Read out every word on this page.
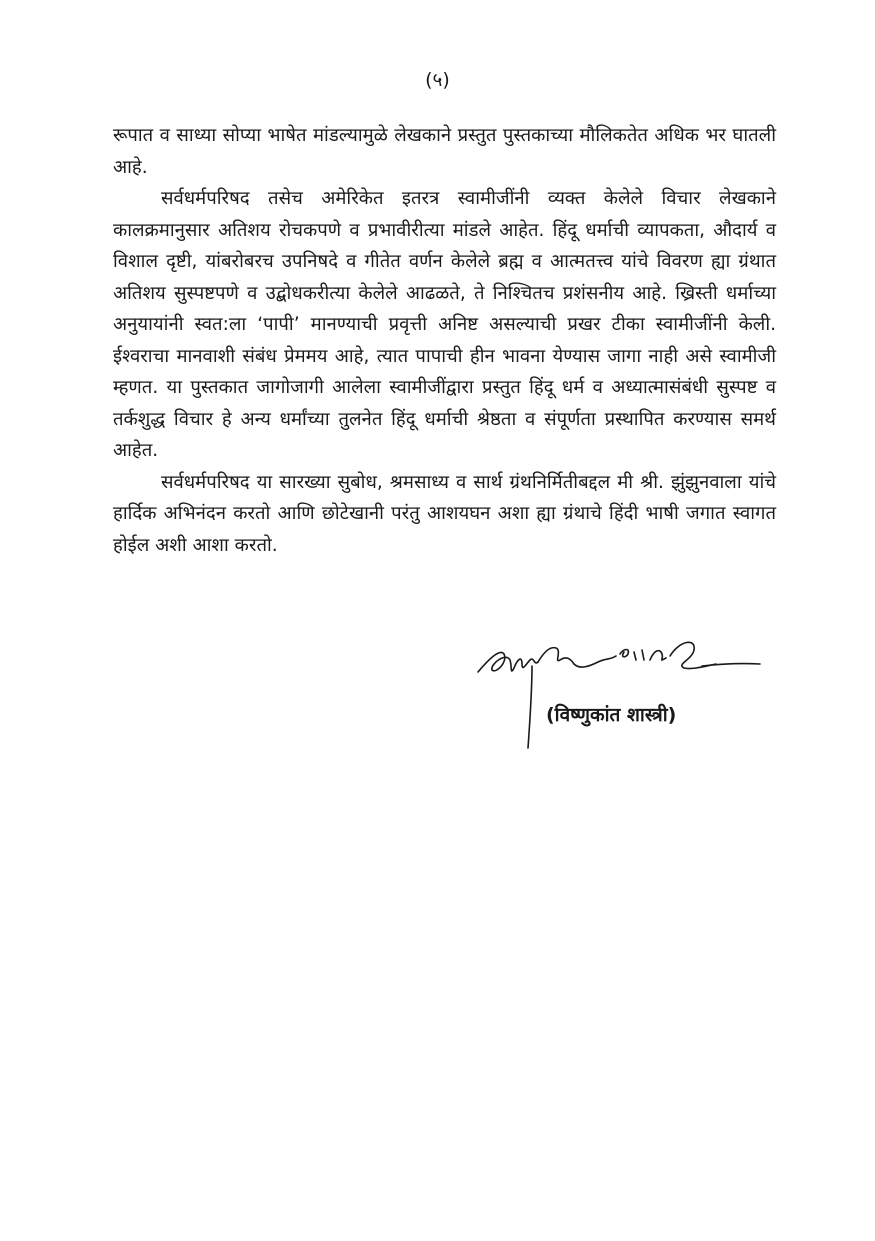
(५)

रूपात व साध्या सोप्या भाषेत मांडल्यामुळे लेखकाने प्रस्तुत पुस्तकाच्या मौलिकतेत अधिक भर घातली आहे.

सर्वधर्मपरिषद तसेच अमेरिकेत इतरत्र स्वामीजींनी व्यक्त केलेले विचार लेखकाने कालक्रमानुसार अतिशय रोचकपणे व प्रभावीरीत्या मांडले आहेत. हिंदू धर्माची व्यापकता, औदार्य व विशाल दृष्टी, यांबरोबरच उपनिषदे व गीतेत वर्णन केलेले ब्रह्म व आत्मतत्त्व यांचे विवरण ह्या ग्रंथात अतिशय सुस्पष्टपणे व उद्बोधकरीत्या केलेले आढळते, ते निश्चितच प्रशंसनीय आहे. ख्रिस्ती धर्माच्या अनुयायांनी स्वत:ला ‘पापी’ मानण्याची प्रवृत्ती अनिष्ट असल्याची प्रखर टीका स्वामीजींनी केली. ईश्वराचा मानवाशी संबंध प्रेममय आहे, त्यात पापाची हीन भावना येण्यास जागा नाही असे स्वामीजी म्हणत. या पुस्तकात जागोजागी आलेला स्वामीजींद्वारा प्रस्तुत हिंदू धर्म व अध्यात्मासंबंधी सुस्पष्ट व तर्कशुद्ध विचार हे अन्य धर्मांच्या तुलनेत हिंदू धर्माची श्रेष्ठता व संपूर्णता प्रस्थापित करण्यास समर्थ आहेत.

सर्वधर्मपरिषद या सारख्या सुबोध, श्रमसाध्य व सार्थ ग्रंथनिर्मितीबद्दल मी श्री. झुंझुनवाला यांचे हार्दिक अभिनंदन करतो आणि छोटेखानी परंतु आशयघन अशा ह्या ग्रंथाचे हिंदी भाषी जगात स्वागत होईल अशी आशा करतो.

(विष्णुकांत शास्त्री)
